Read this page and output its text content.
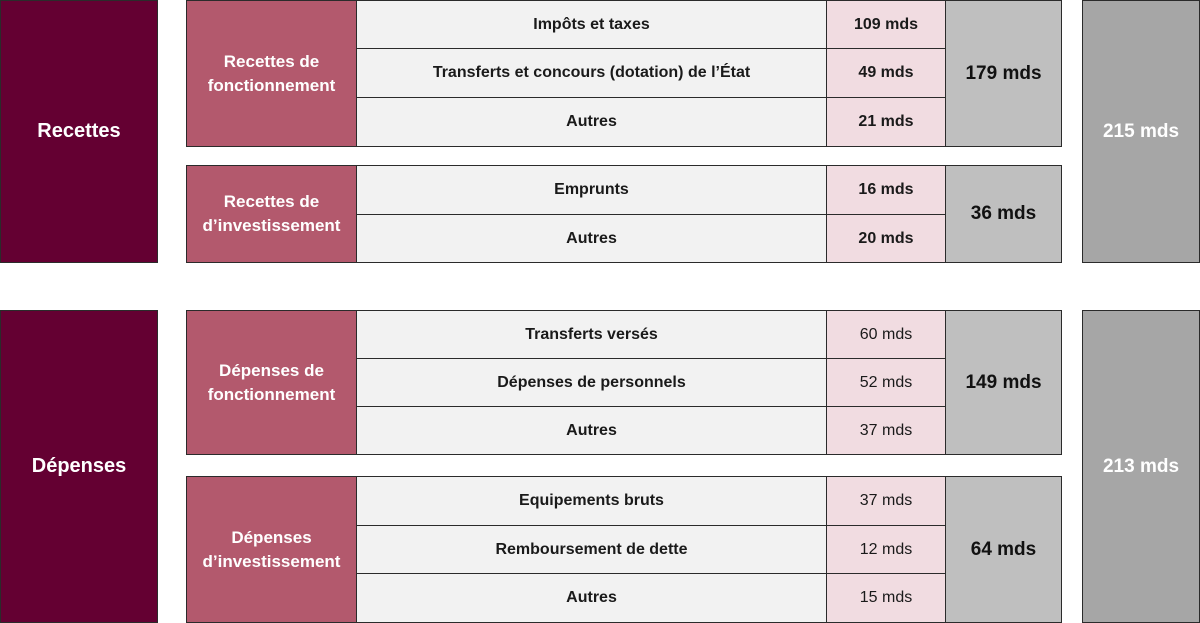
Recettes
Recettes de
fonctionnement
Impôts et taxes	109 mds
Transferts et concours (dotation) de l’État	49 mds
Autres	21 mds
179 mds
Recettes de
d’investissement
Emprunts	16 mds
Autres	20 mds
36 mds
215 mds
Dépenses
Dépenses de
fonctionnement
Transferts versés	60 mds
Dépenses de personnels	52 mds
Autres	37 mds
149 mds
Dépenses
d’investissement
Equipements bruts	37 mds
Remboursement de dette	12 mds
Autres	15 mds
64 mds
213 mds
